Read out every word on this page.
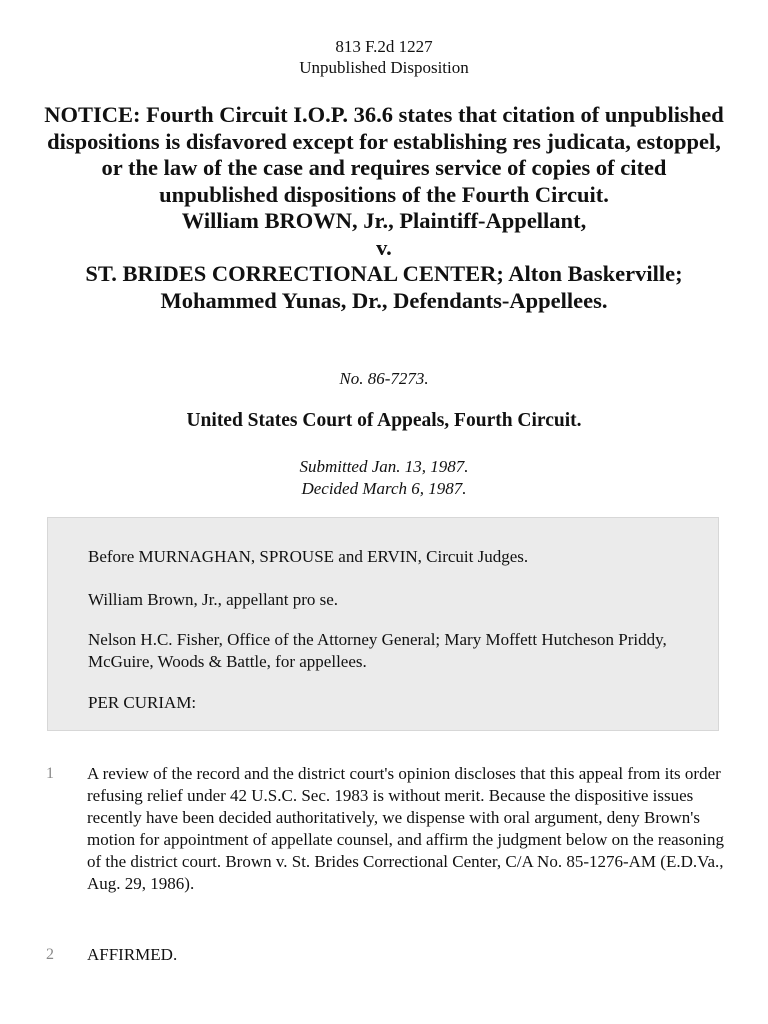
813 F.2d 1227
Unpublished Disposition
NOTICE: Fourth Circuit I.O.P. 36.6 states that citation of unpublished dispositions is disfavored except for establishing res judicata, estoppel, or the law of the case and requires service of copies of cited unpublished dispositions of the Fourth Circuit.
William BROWN, Jr., Plaintiff-Appellant,
v.
ST. BRIDES CORRECTIONAL CENTER; Alton Baskerville; Mohammed Yunas, Dr., Defendants-Appellees.
No. 86-7273.
United States Court of Appeals, Fourth Circuit.
Submitted Jan. 13, 1987.
Decided March 6, 1987.

Before MURNAGHAN, SPROUSE and ERVIN, Circuit Judges.

William Brown, Jr., appellant pro se.

Nelson H.C. Fisher, Office of the Attorney General; Mary Moffett Hutcheson Priddy, McGuire, Woods & Battle, for appellees.

PER CURIAM:

1 A review of the record and the district court's opinion discloses that this appeal from its order refusing relief under 42 U.S.C. Sec. 1983 is without merit. Because the dispositive issues recently have been decided authoritatively, we dispense with oral argument, deny Brown's motion for appointment of appellate counsel, and affirm the judgment below on the reasoning of the district court. Brown v. St. Brides Correctional Center, C/A No. 85-1276-AM (E.D.Va., Aug. 29, 1986).
2 AFFIRMED.
